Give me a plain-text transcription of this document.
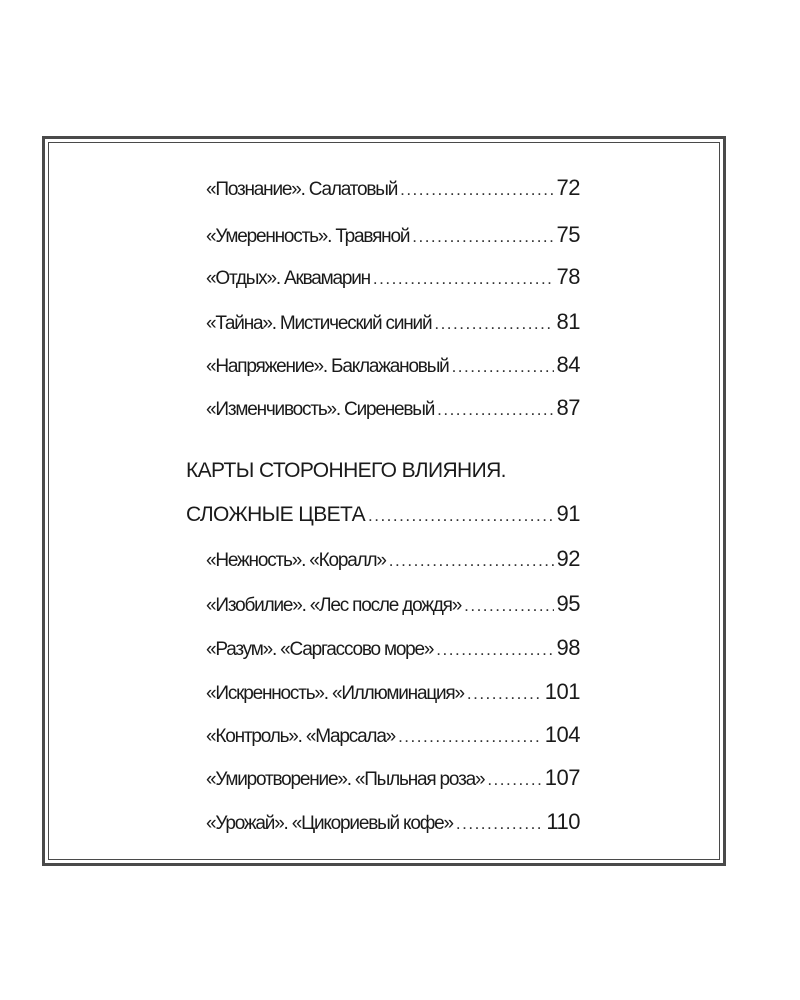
«Познание». Салатовый .....	72
«Умеренность». Травяной .....	75
«Отдых». Аквамарин .....	78
«Тайна». Мистический синий .....	81
«Напряжение». Баклажановый .....	84
«Изменчивость». Сиреневый .....	87
КАРТЫ СТОРОННЕГО ВЛИЯНИЯ.
СЛОЖНЫЕ ЦВЕТА .....	91
«Нежность». «Коралл» .....	92
«Изобилие». «Лес после дождя» .....	95
«Разум». «Саргассово море» .....	98
«Искренность». «Иллюминация» .....	101
«Контроль». «Марсала» .....	104
«Умиротворение». «Пыльная роза» .....	107
«Урожай». «Цикориевый кофе» .....	110
